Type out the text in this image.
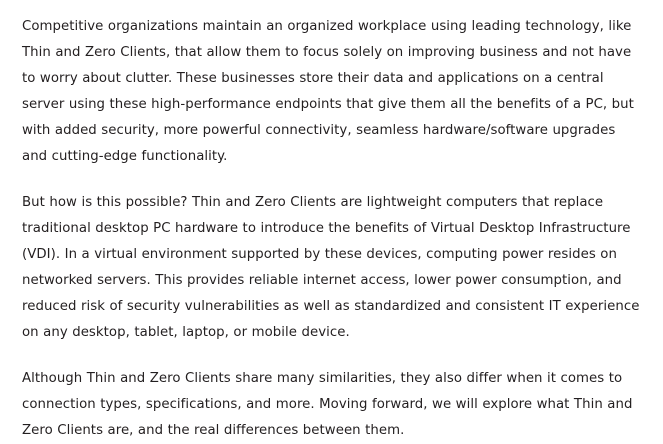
Competitive organizations maintain an organized workplace using leading technology, like Thin and Zero Clients, that allow them to focus solely on improving business and not have to worry about clutter. These businesses store their data and applications on a central server using these high-performance endpoints that give them all the benefits of a PC, but with added security, more powerful connectivity, seamless hardware/software upgrades and cutting-edge functionality.

But how is this possible? Thin and Zero Clients are lightweight computers that replace traditional desktop PC hardware to introduce the benefits of Virtual Desktop Infrastructure (VDI). In a virtual environment supported by these devices, computing power resides on networked servers. This provides reliable internet access, lower power consumption, and reduced risk of security vulnerabilities as well as standardized and consistent IT experience on any desktop, tablet, laptop, or mobile device.

Although Thin and Zero Clients share many similarities, they also differ when it comes to connection types, specifications, and more. Moving forward, we will explore what Thin and Zero Clients are, and the real differences between them.
